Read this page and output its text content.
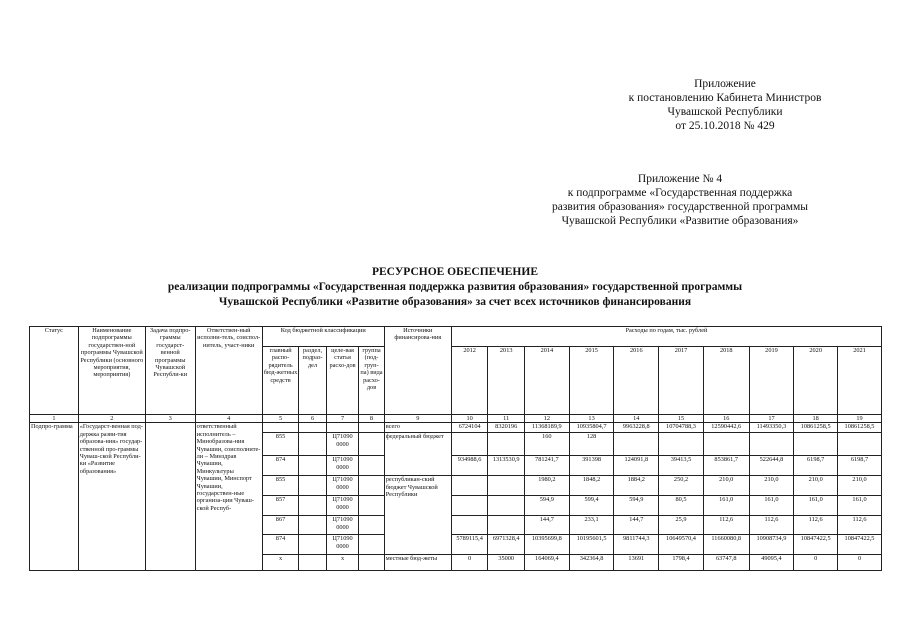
Приложение
к постановлению Кабинета Министров
Чувашской Республики
от 25.10.2018 № 429
Приложение № 4
к подпрограмме «Государственная поддержка
развития образования» государственной программы
Чувашской Республики «Развитие образования»
РЕСУРСНОЕ ОБЕСПЕЧЕНИЕ
реализации подпрограммы «Государственная поддержка развития образования» государственной программы
Чувашской Республики «Развитие образования» за счет всех источников финансирования
Статус	Наименование подпрограммы государствен-ной программы Чувашской Республики (основного мероприятия, мероприятия)	Задача подпро-граммы государст-венной программы Чувашской Республи-ки	Ответствен-ный исполни-тель, соиспол-нитель, участ-ники	Код бюджетной классификации				Источники финансирова-ния	Расходы по годам, тыс. рублей									
				главный распо-рядитель бюд-жетных средств	раздел, подраз-дел	целе-вая статья расхо-дов	группа (под-груп-па) вида расхо-дов		2012	2013	2014	2015	2016	2017	2018	2019	2020	2021
1	2	3	4	5	6	7	8	9	10	11	12	13	14	15	16	17	18	19
Подпро-грамма	«Государст-венная под-держка разви-тия образова-ния» государ-ственной про-граммы Чуваш-ской Республи-ки «Развитие образования»		ответственный исполнитель – Минобразова-ния Чувашии, соисполните-ли – Минздрав Чувашии, Минкультуры Чувашии, Минспорт Чувашии, государствен-ные организа-ции Чуваш-ской Респуб-					всего	6724104	8320196	11368189,9	10935804,7	9963228,8	10704788,3	12590442,6	11493350,3	10861258,5	10861258,5
				855		Ц71090 0000		федеральный бюджет			160	128						
				874		Ц71090 0000			934988,6	1313530,9	781241,7	391398	124091,8	39413,5	853861,7	522644,8	6198,7	6198,7
				855		Ц71090 0000		республикан-ский бюджет Чувашской Республики			1980,2	1848,2	1884,2	250,2	210,0	210,0	210,0	210,0
				857		Ц71090 0000					594,9	599,4	594,9	80,5	161,0	161,0	161,0	161,0
				867		Ц71090 0000					144,7	233,1	144,7	25,9	112,6	112,6	112,6	112,6
				874		Ц71090 0000			5789115,4	6971328,4	10395699,8	10195601,5	9811744,3	10649570,4	11660080,8	10908734,9	10847422,5	10847422,5
				x		x		местные бюд-жеты	0	35000	164069,4	342364,8	13691	1798,4	63747,8	49095,4	0	0
